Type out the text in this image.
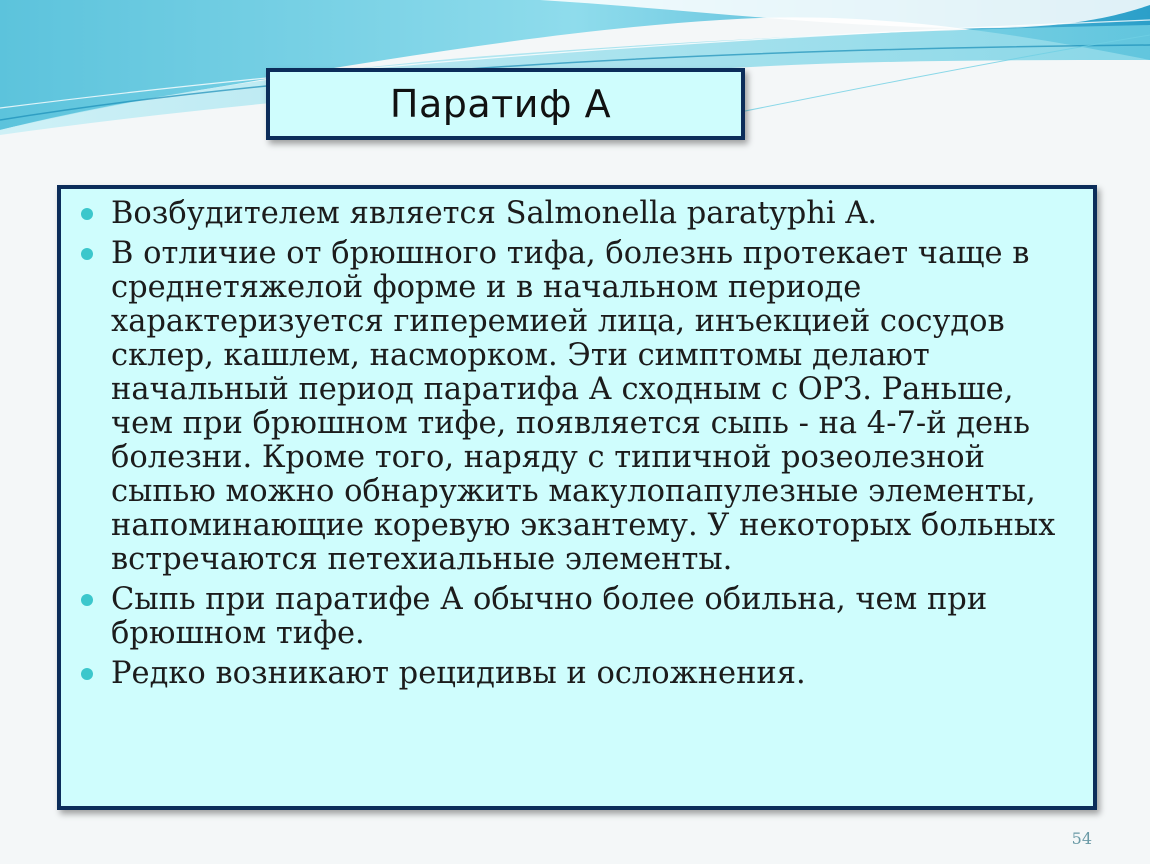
Паратиф А
Возбудителем является Salmonella paratyphi A.
В отличие от брюшного тифа, болезнь протекает чаще в среднетяжелой форме и в начальном периоде характеризуется гиперемией лица, инъекцией сосудов склер, кашлем, насморком. Эти симптомы делают начальный период паратифа А сходным с ОРЗ. Раньше, чем при брюшном тифе, появляется сыпь - на 4-7-й день болезни. Кроме того, наряду с типичной розеолезной сыпью можно обнаружить макулопапулезные элементы, напоминающие коревую экзантему. У некоторых больных встречаются петехиальные элементы.
Сыпь при паратифе А обычно более обильна, чем при брюшном тифе.
Редко возникают рецидивы и осложнения.
54
